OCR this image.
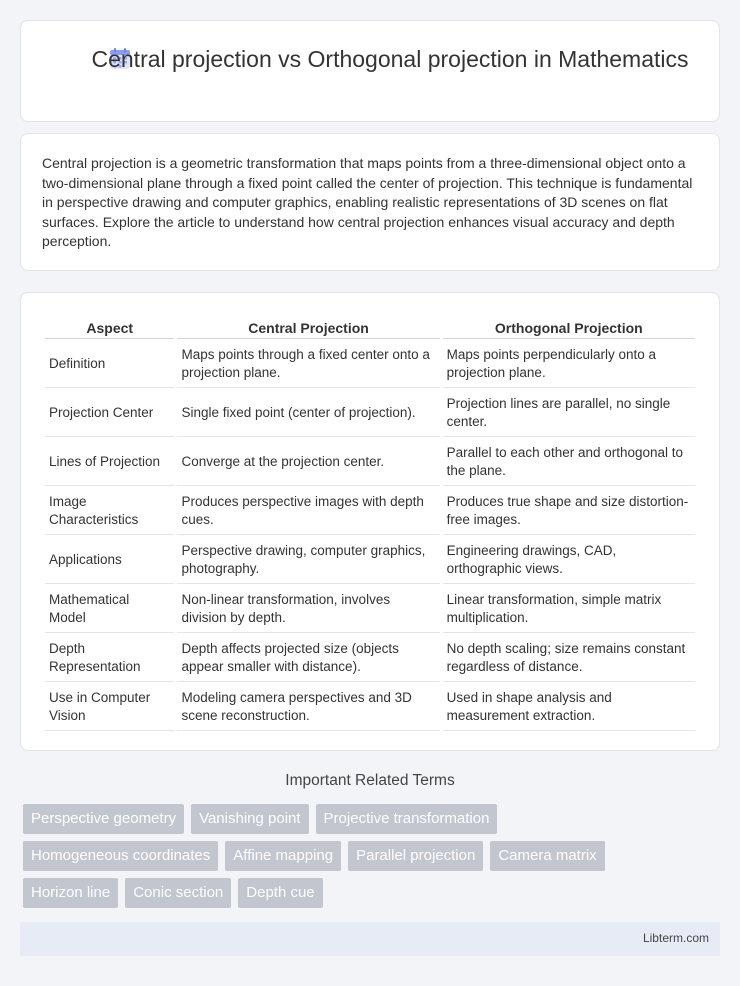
Central projection vs Orthogonal projection in Mathematics

Central projection is a geometric transformation that maps points from a three-dimensional object onto a two-dimensional plane through a fixed point called the center of projection. This technique is fundamental in perspective drawing and computer graphics, enabling realistic representations of 3D scenes on flat surfaces. Explore the article to understand how central projection enhances visual accuracy and depth perception.

Aspect	Central Projection	Orthogonal Projection
Definition	Maps points through a fixed center onto a projection plane.	Maps points perpendicularly onto a projection plane.
Projection Center	Single fixed point (center of projection).	Projection lines are parallel, no single center.
Lines of Projection	Converge at the projection center.	Parallel to each other and orthogonal to the plane.
Image Characteristics	Produces perspective images with depth cues.	Produces true shape and size distortion-free images.
Applications	Perspective drawing, computer graphics, photography.	Engineering drawings, CAD, orthographic views.
Mathematical Model	Non-linear transformation, involves division by depth.	Linear transformation, simple matrix multiplication.
Depth Representation	Depth affects projected size (objects appear smaller with distance).	No depth scaling; size remains constant regardless of distance.
Use in Computer Vision	Modeling camera perspectives and 3D scene reconstruction.	Used in shape analysis and measurement extraction.
Important Related Terms
Perspective geometry	Vanishing point	Projective transformation
Homogeneous coordinates	Affine mapping	Parallel projection	Camera matrix
Horizon line	Conic section	Depth cue
Libterm.com
